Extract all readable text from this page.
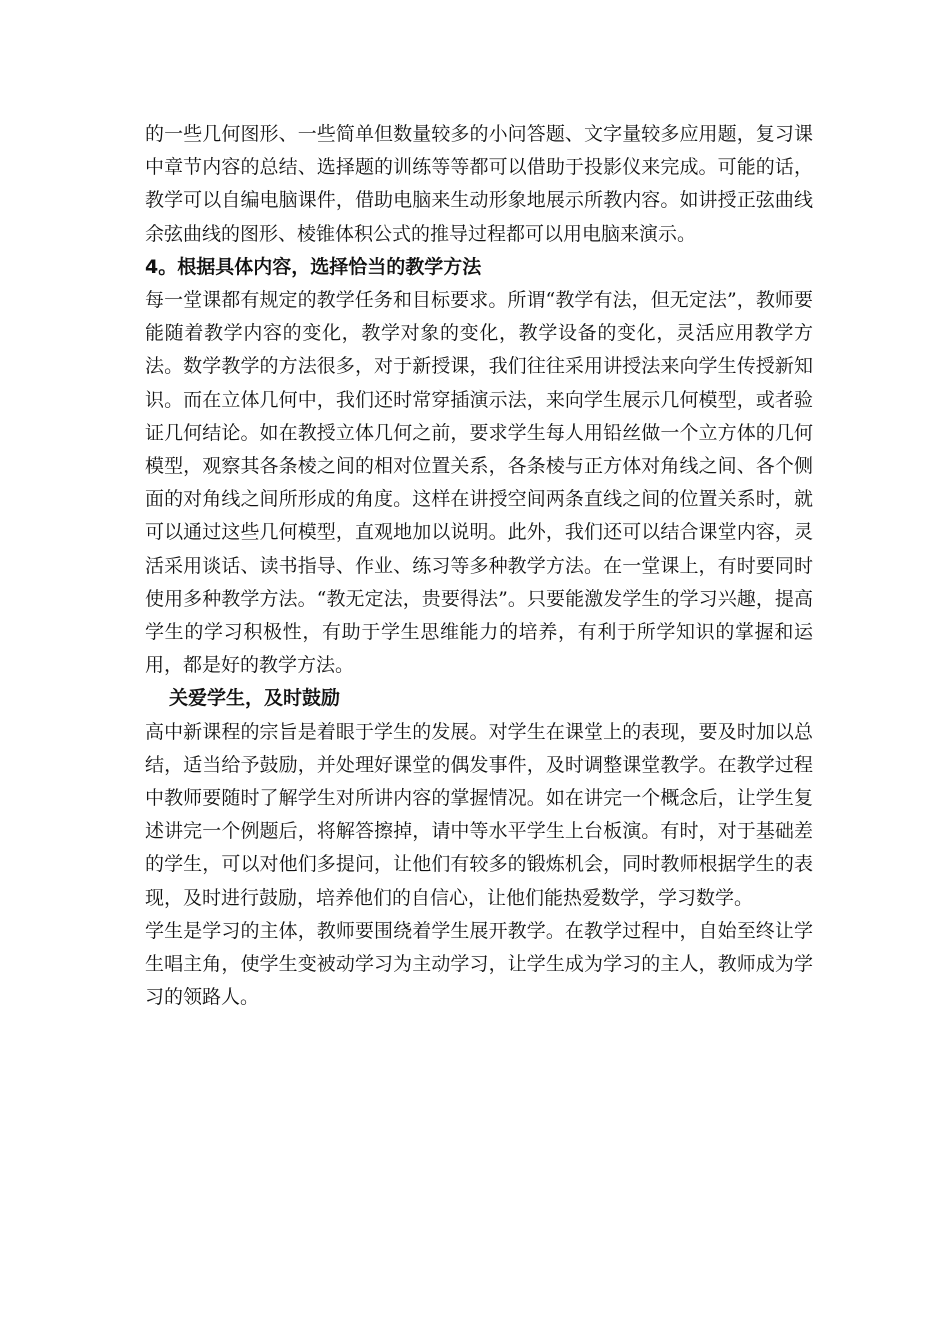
的一些几何图形、一些简单但数量较多的小问答题、文字量较多应用题，复习课中章节内容的总结、选择题的训练等等都可以借助于投影仪来完成。可能的话，教学可以自编电脑课件，借助电脑来生动形象地展示所教内容。如讲授正弦曲线余弦曲线的图形、棱锥体积公式的推导过程都可以用电脑来演示。

4。根据具体内容，选择恰当的教学方法

每一堂课都有规定的教学任务和目标要求。所谓“教学有法，但无定法”，教师要能随着教学内容的变化，教学对象的变化，教学设备的变化，灵活应用教学方法。数学教学的方法很多，对于新授课，我们往往采用讲授法来向学生传授新知识。而在立体几何中，我们还时常穿插演示法，来向学生展示几何模型，或者验证几何结论。如在教授立体几何之前，要求学生每人用铅丝做一个立方体的几何模型，观察其各条棱之间的相对位置关系，各条棱与正方体对角线之间、各个侧面的对角线之间所形成的角度。这样在讲授空间两条直线之间的位置关系时，就可以通过这些几何模型，直观地加以说明。此外，我们还可以结合课堂内容，灵活采用谈话、读书指导、作业、练习等多种教学方法。在一堂课上，有时要同时使用多种教学方法。“教无定法，贵要得法”。只要能激发学生的学习兴趣，提高学生的学习积极性，有助于学生思维能力的培养，有利于所学知识的掌握和运用，都是好的教学方法。

关爱学生，及时鼓励

高中新课程的宗旨是着眼于学生的发展。对学生在课堂上的表现，要及时加以总结，适当给予鼓励，并处理好课堂的偶发事件，及时调整课堂教学。在教学过程中教师要随时了解学生对所讲内容的掌握情况。如在讲完一个概念后，让学生复述讲完一个例题后，将解答擦掉，请中等水平学生上台板演。有时，对于基础差的学生，可以对他们多提问，让他们有较多的锻炼机会，同时教师根据学生的表现，及时进行鼓励，培养他们的自信心，让他们能热爱数学，学习数学。

学生是学习的主体，教师要围绕着学生展开教学。在教学过程中，自始至终让学生唱主角，使学生变被动学习为主动学习，让学生成为学习的主人，教师成为学习的领路人。
